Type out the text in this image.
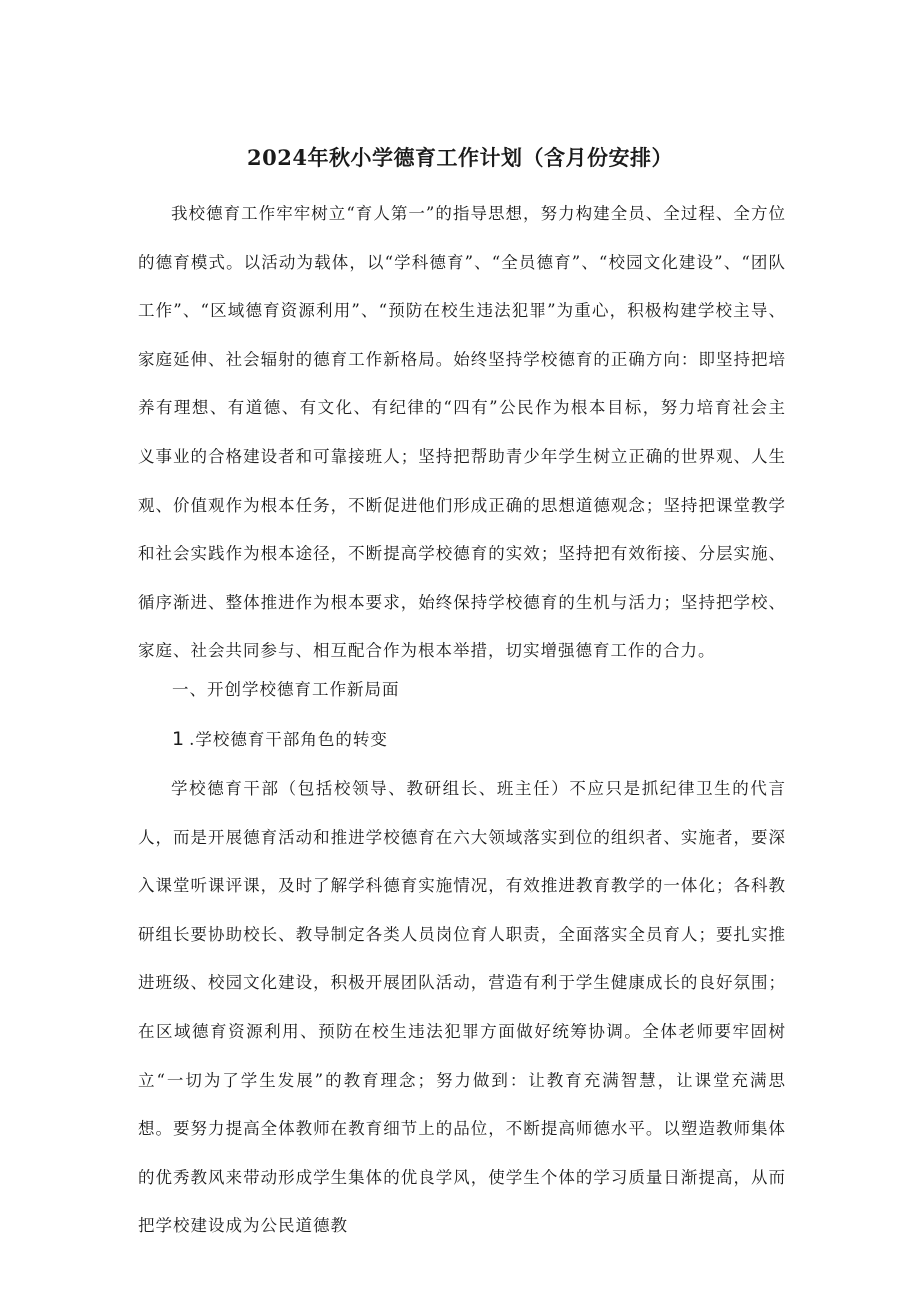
2024年秋小学德育工作计划（含月份安排）

我校德育工作牢牢树立“育人第一”的指导思想，努力构建全员、全过程、全方位的德育模式。以活动为载体，以“学科德育”、“全员德育”、“校园文化建设”、“团队工作”、“区域德育资源利用”、“预防在校生违法犯罪”为重心，积极构建学校主导、家庭延伸、社会辐射的德育工作新格局。始终坚持学校德育的正确方向：即坚持把培养有理想、有道德、有文化、有纪律的“四有”公民作为根本目标，努力培育社会主义事业的合格建设者和可靠接班人；坚持把帮助青少年学生树立正确的世界观、人生观、价值观作为根本任务，不断促进他们形成正确的思想道德观念；坚持把课堂教学和社会实践作为根本途径，不断提高学校德育的实效；坚持把有效衔接、分层实施、循序渐进、整体推进作为根本要求，始终保持学校德育的生机与活力；坚持把学校、家庭、社会共同参与、相互配合作为根本举措，切实增强德育工作的合力。

一、开创学校德育工作新局面

1 .学校德育干部角色的转变

学校德育干部（包括校领导、教研组长、班主任）不应只是抓纪律卫生的代言人，而是开展德育活动和推进学校德育在六大领域落实到位的组织者、实施者，要深入课堂听课评课，及时了解学科德育实施情况，有效推进教育教学的一体化；各科教研组长要协助校长、教导制定各类人员岗位育人职责，全面落实全员育人；要扎实推进班级、校园文化建设，积极开展团队活动，营造有利于学生健康成长的良好氛围；在区域德育资源利用、预防在校生违法犯罪方面做好统筹协调。全体老师要牢固树立“一切为了学生发展”的教育理念；努力做到：让教育充满智慧，让课堂充满思想。要努力提高全体教师在教育细节上的品位，不断提高师德水平。以塑造教师集体的优秀教风来带动形成学生集体的优良学风，使学生个体的学习质量日渐提高，从而把学校建设成为公民道德教
